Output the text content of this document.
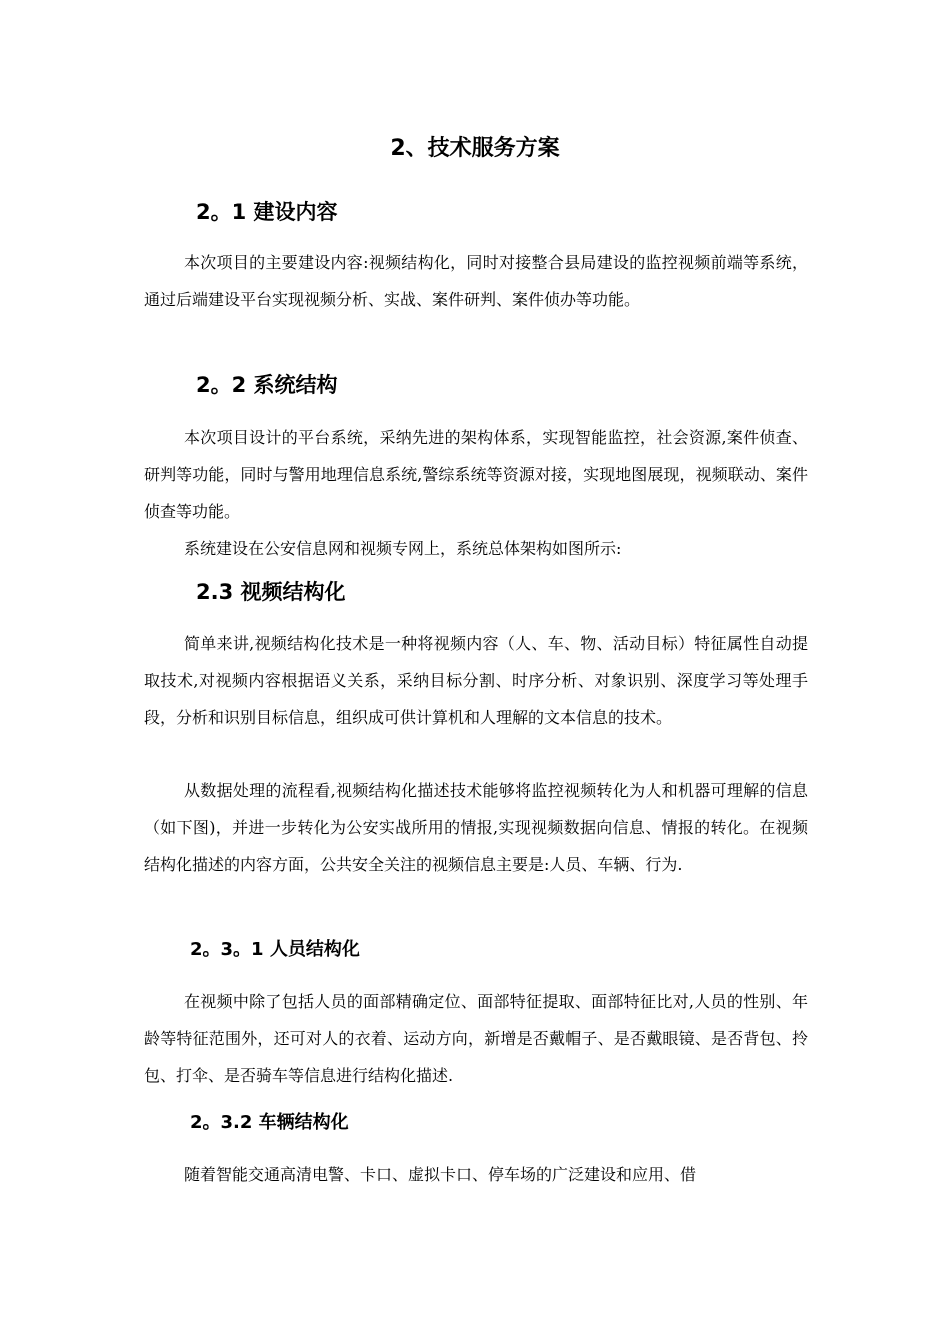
2、技术服务方案
2。1 建设内容

本次项目的主要建设内容:视频结构化，同时对接整合县局建设的监控视频前端等系统，通过后端建设平台实现视频分析、实战、案件研判、案件侦办等功能。

2。2 系统结构

本次项目设计的平台系统，采纳先进的架构体系，实现智能监控，社会资源,案件侦查、研判等功能，同时与警用地理信息系统,警综系统等资源对接，实现地图展现，视频联动、案件侦查等功能。

系统建设在公安信息网和视频专网上，系统总体架构如图所示:

2.3 视频结构化

简单来讲,视频结构化技术是一种将视频内容（人、车、物、活动目标）特征属性自动提取技术,对视频内容根据语义关系，采纳目标分割、时序分析、对象识别、深度学习等处理手段，分析和识别目标信息，组织成可供计算机和人理解的文本信息的技术。

从数据处理的流程看,视频结构化描述技术能够将监控视频转化为人和机器可理解的信息（如下图)，并进一步转化为公安实战所用的情报,实现视频数据向信息、情报的转化。在视频结构化描述的内容方面，公共安全关注的视频信息主要是:人员、车辆、行为.

2。3。1 人员结构化

在视频中除了包括人员的面部精确定位、面部特征提取、面部特征比对,人员的性别、年龄等特征范围外，还可对人的衣着、运动方向，新增是否戴帽子、是否戴眼镜、是否背包、拎包、打伞、是否骑车等信息进行结构化描述.

2。3.2 车辆结构化

随着智能交通高清电警、卡口、虚拟卡口、停车场的广泛建设和应用、借
